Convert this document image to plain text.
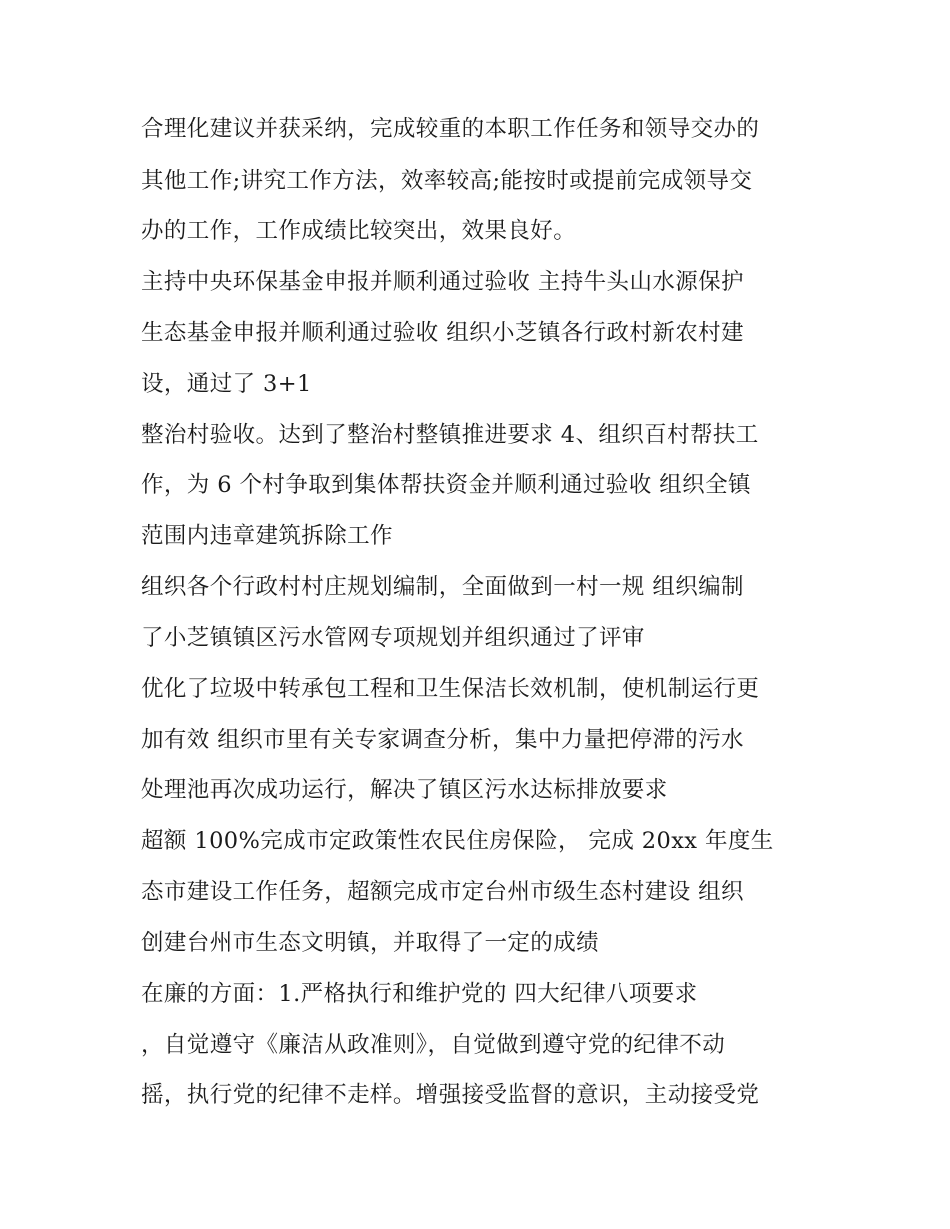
合理化建议并获采纳，完成较重的本职工作任务和领导交办的
其他工作;讲究工作方法，效率较高;能按时或提前完成领导交
办的工作，工作成绩比较突出，效果良好。
主持中央环保基金申报并顺利通过验收 主持牛头山水源保护
生态基金申报并顺利通过验收 组织小芝镇各行政村新农村建
设，通过了 3+1
整治村验收。达到了整治村整镇推进要求 4、组织百村帮扶工
作，为 6 个村争取到集体帮扶资金并顺利通过验收 组织全镇
范围内违章建筑拆除工作
组织各个行政村村庄规划编制，全面做到一村一规 组织编制
了小芝镇镇区污水管网专项规划并组织通过了评审
优化了垃圾中转承包工程和卫生保洁长效机制，使机制运行更
加有效 组织市里有关专家调查分析，集中力量把停滞的污水
处理池再次成功运行，解决了镇区污水达标排放要求
超额 100%完成市定政策性农民住房保险， 完成 20xx 年度生
态市建设工作任务，超额完成市定台州市级生态村建设 组织
创建台州市生态文明镇，并取得了一定的成绩
在廉的方面：1.严格执行和维护党的 四大纪律八项要求
，自觉遵守《廉洁从政准则》，自觉做到遵守党的纪律不动
摇，执行党的纪律不走样。增强接受监督的意识，主动接受党
